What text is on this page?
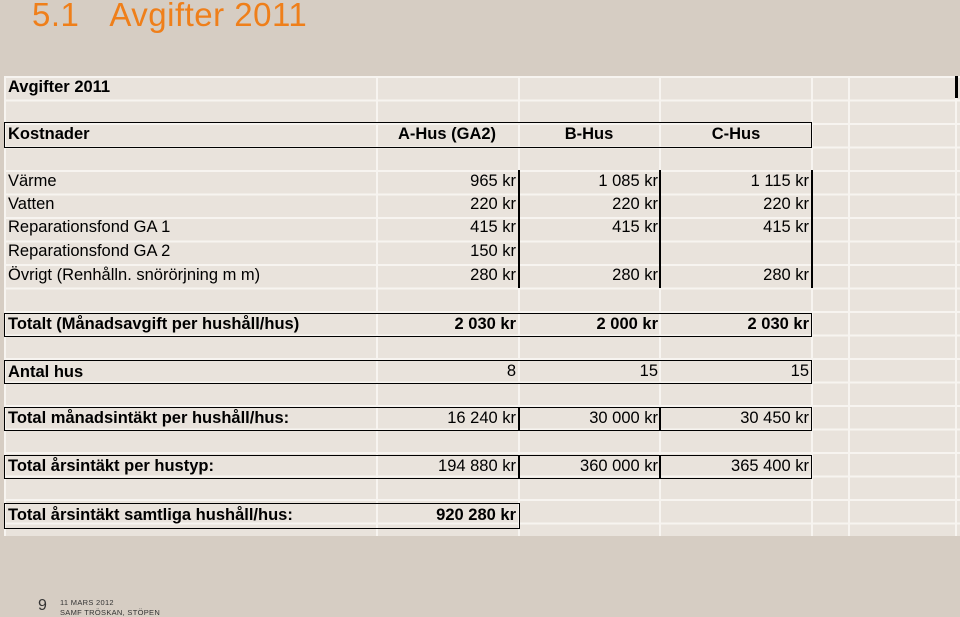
5.1	Avgifter 2011
Avgifter 2011
Kostnader	A-Hus (GA2)	B-Hus	C-Hus
Värme	965 kr	1 085 kr	1 115 kr
Vatten	220 kr	220 kr	220 kr
Reparationsfond GA 1	415 kr	415 kr	415 kr
Reparationsfond GA 2	150 kr
Övrigt (Renhålln. snörörjning m m)	280 kr	280 kr	280 kr
Totalt (Månadsavgift per hushåll/hus)	2 030 kr	2 000 kr	2 030 kr
Antal hus	8	15	15
Total månadsintäkt per hushåll/hus:	16 240 kr	30 000 kr	30 450 kr
Total årsintäkt per hustyp:	194 880 kr	360 000 kr	365 400 kr
Total årsintäkt samtliga hushåll/hus:	920 280 kr
9 11 MARS 2012
SAMF TRÖSKAN, STÖPEN
